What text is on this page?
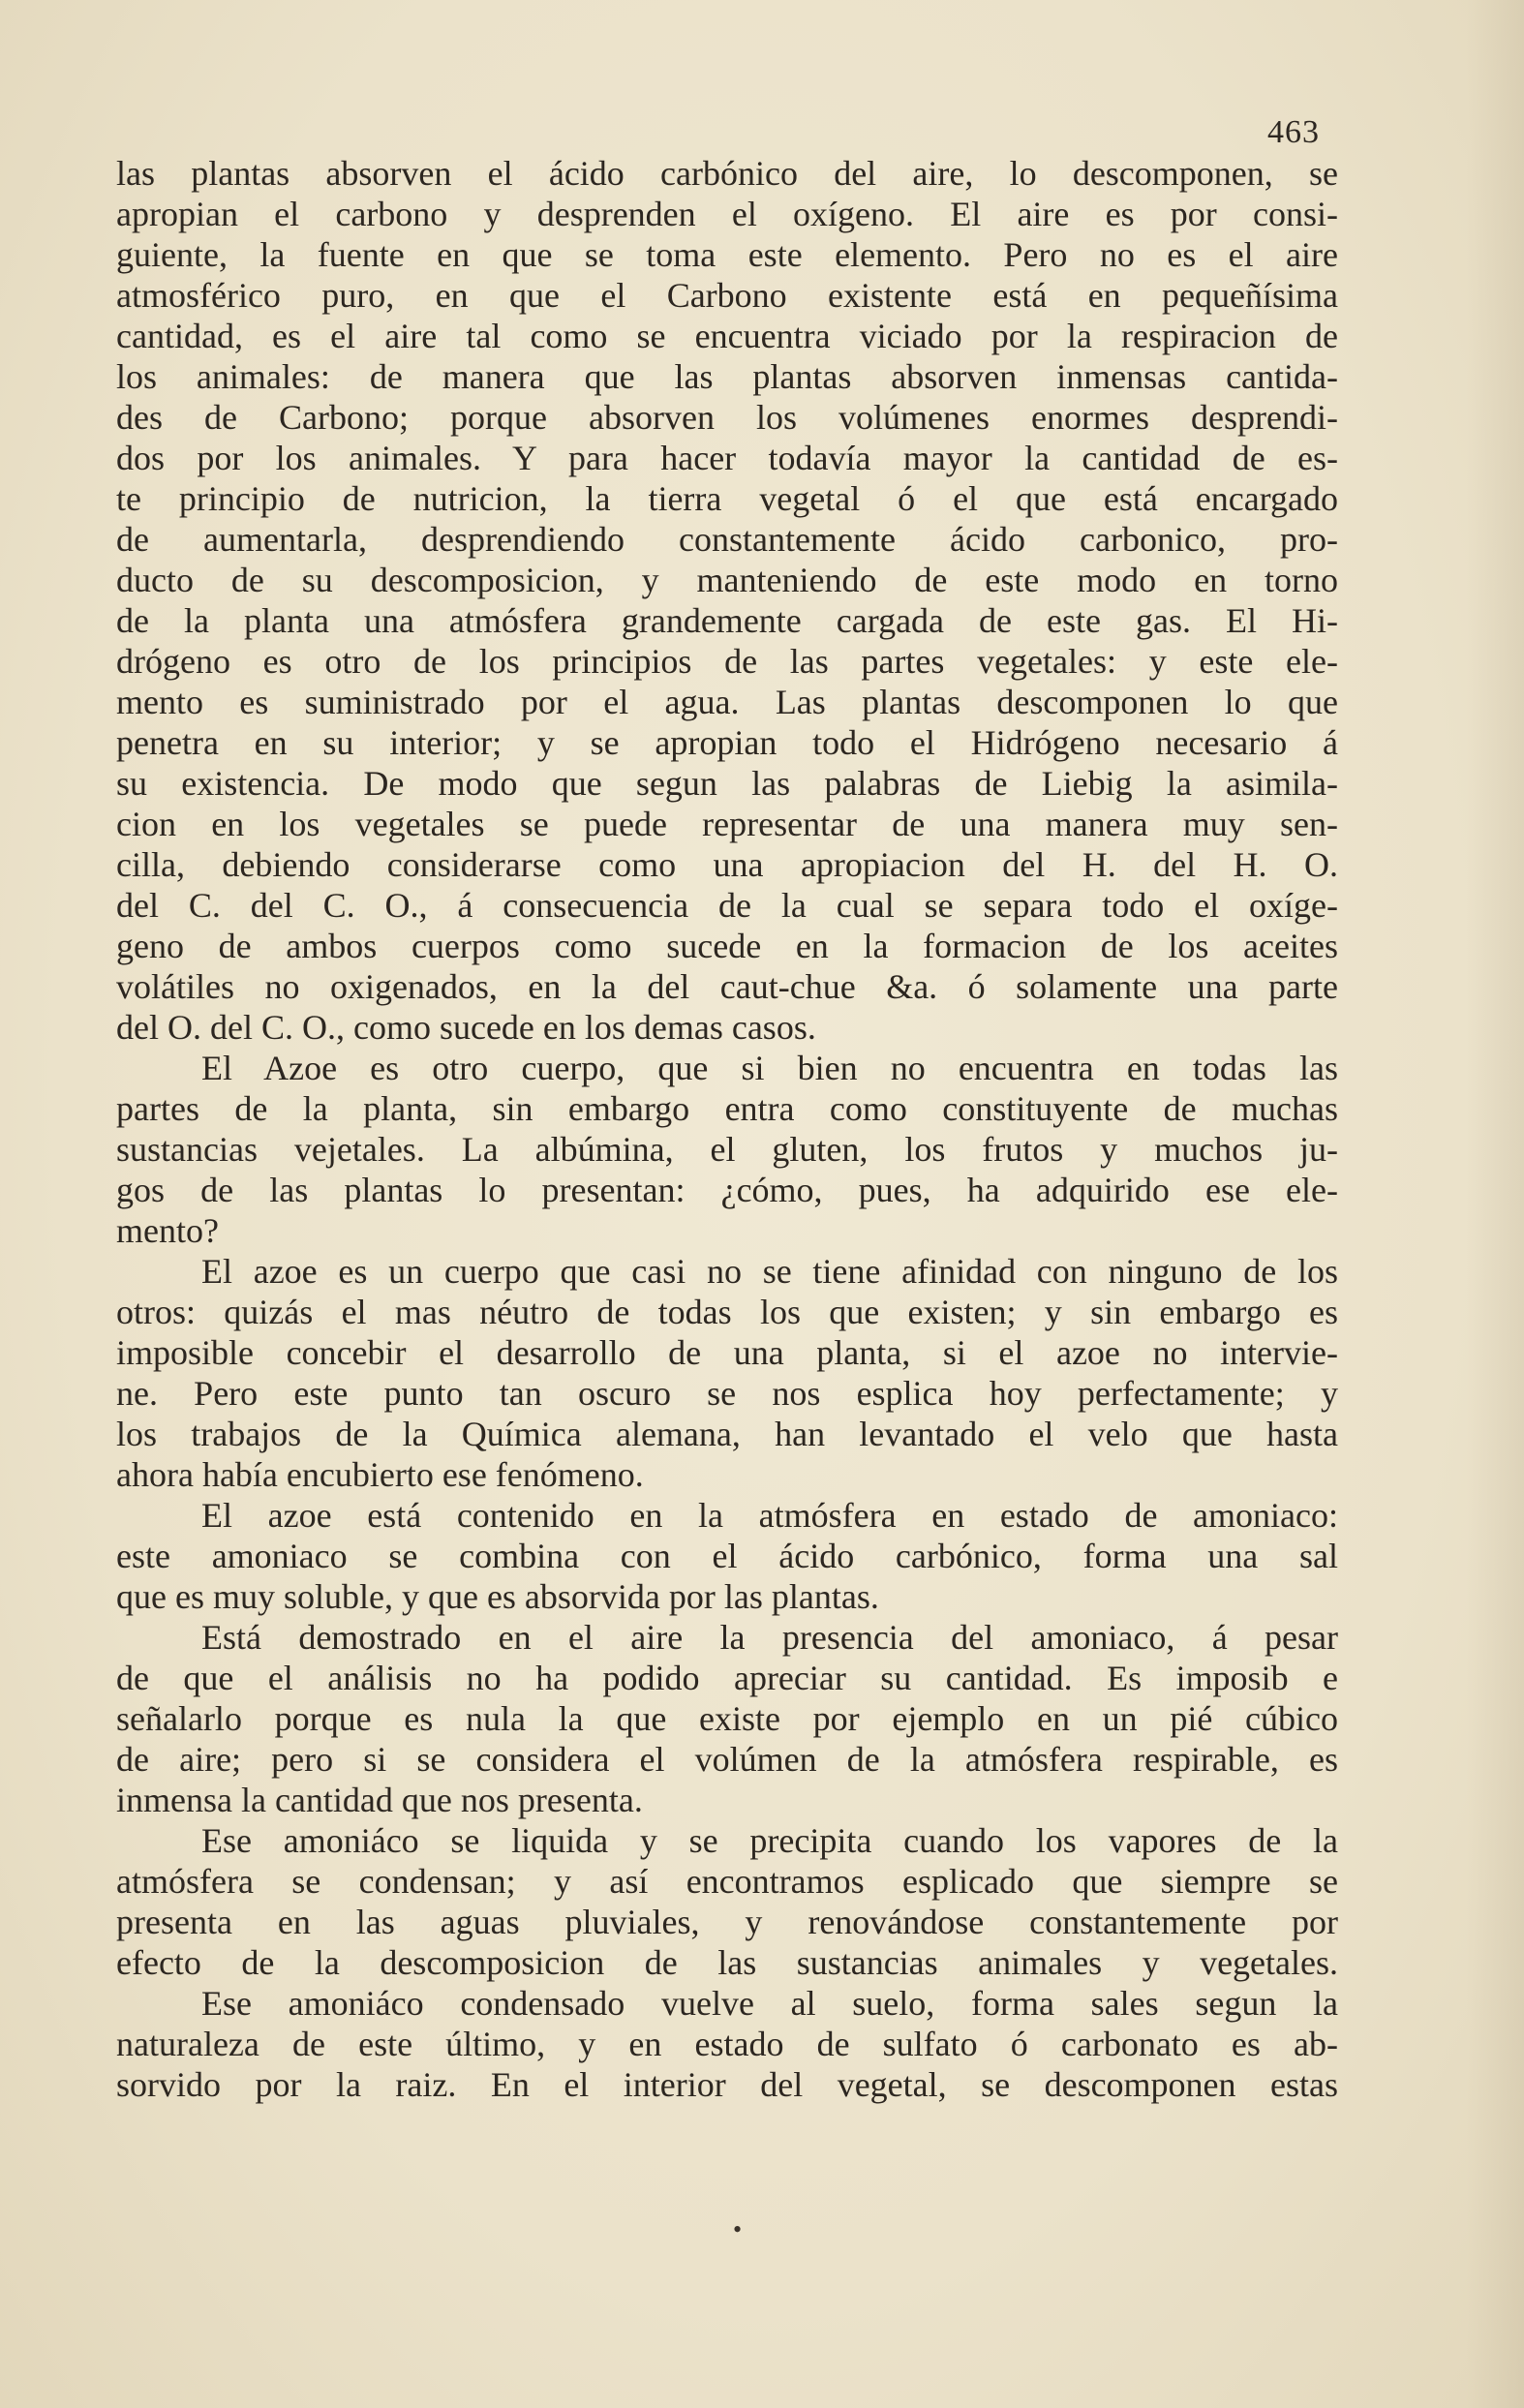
463
las plantas absorven el ácido carbónico del aire, lo descomponen, se
apropian el carbono y desprenden el oxígeno. El aire es por consi-
guiente, la fuente en que se toma este elemento. Pero no es el aire
atmosférico puro, en que el Carbono existente está en pequeñísima
cantidad, es el aire tal como se encuentra viciado por la respiracion de
los animales: de manera que las plantas absorven inmensas cantida-
des de Carbono; porque absorven los volúmenes enormes desprendi-
dos por los animales. Y para hacer todavía mayor la cantidad de es-
te principio de nutricion, la tierra vegetal ó el que está encargado
de aumentarla, desprendiendo constantemente ácido carbonico, pro-
ducto de su descomposicion, y manteniendo de este modo en torno
de la planta una atmósfera grandemente cargada de este gas. El Hi-
drógeno es otro de los principios de las partes vegetales: y este ele-
mento es suministrado por el agua. Las plantas descomponen lo que
penetra en su interior; y se apropian todo el Hidrógeno necesario á
su existencia. De modo que segun las palabras de Liebig la asimila-
cion en los vegetales se puede representar de una manera muy sen-
cilla, debiendo considerarse como una apropiacion del H. del H. O.
del C. del C. O., á consecuencia de la cual se separa todo el oxíge-
geno de ambos cuerpos como sucede en la formacion de los aceites
volátiles no oxigenados, en la del caut-chue &a. ó solamente una parte
del O. del C. O., como sucede en los demas casos.
El Azoe es otro cuerpo, que si bien no encuentra en todas las
partes de la planta, sin embargo entra como constituyente de muchas
sustancias vejetales. La albúmina, el gluten, los frutos y muchos ju-
gos de las plantas lo presentan: ¿cómo, pues, ha adquirido ese ele-
mento?
El azoe es un cuerpo que casi no se tiene afinidad con ninguno de los
otros: quizás el mas néutro de todas los que existen; y sin embargo es
imposible concebir el desarrollo de una planta, si el azoe no intervie-
ne. Pero este punto tan oscuro se nos esplica hoy perfectamente; y
los trabajos de la Química alemana, han levantado el velo que hasta
ahora había encubierto ese fenómeno.
El azoe está contenido en la atmósfera en estado de amoniaco:
este amoniaco se combina con el ácido carbónico, forma una sal
que es muy soluble, y que es absorvida por las plantas.
Está demostrado en el aire la presencia del amoniaco, á pesar
de que el análisis no ha podido apreciar su cantidad. Es imposib e
señalarlo porque es nula la que existe por ejemplo en un pié cúbico
de aire; pero si se considera el volúmen de la atmósfera respirable, es
inmensa la cantidad que nos presenta.
Ese amoniáco se liquida y se precipita cuando los vapores de la
atmósfera se condensan; y así encontramos esplicado que siempre se
presenta en las aguas pluviales, y renovándose constantemente por
efecto de la descomposicion de las sustancias animales y vegetales.
Ese amoniáco condensado vuelve al suelo, forma sales segun la
naturaleza de este último, y en estado de sulfato ó carbonato es ab-
sorvido por la raiz. En el interior del vegetal, se descomponen estas
•
